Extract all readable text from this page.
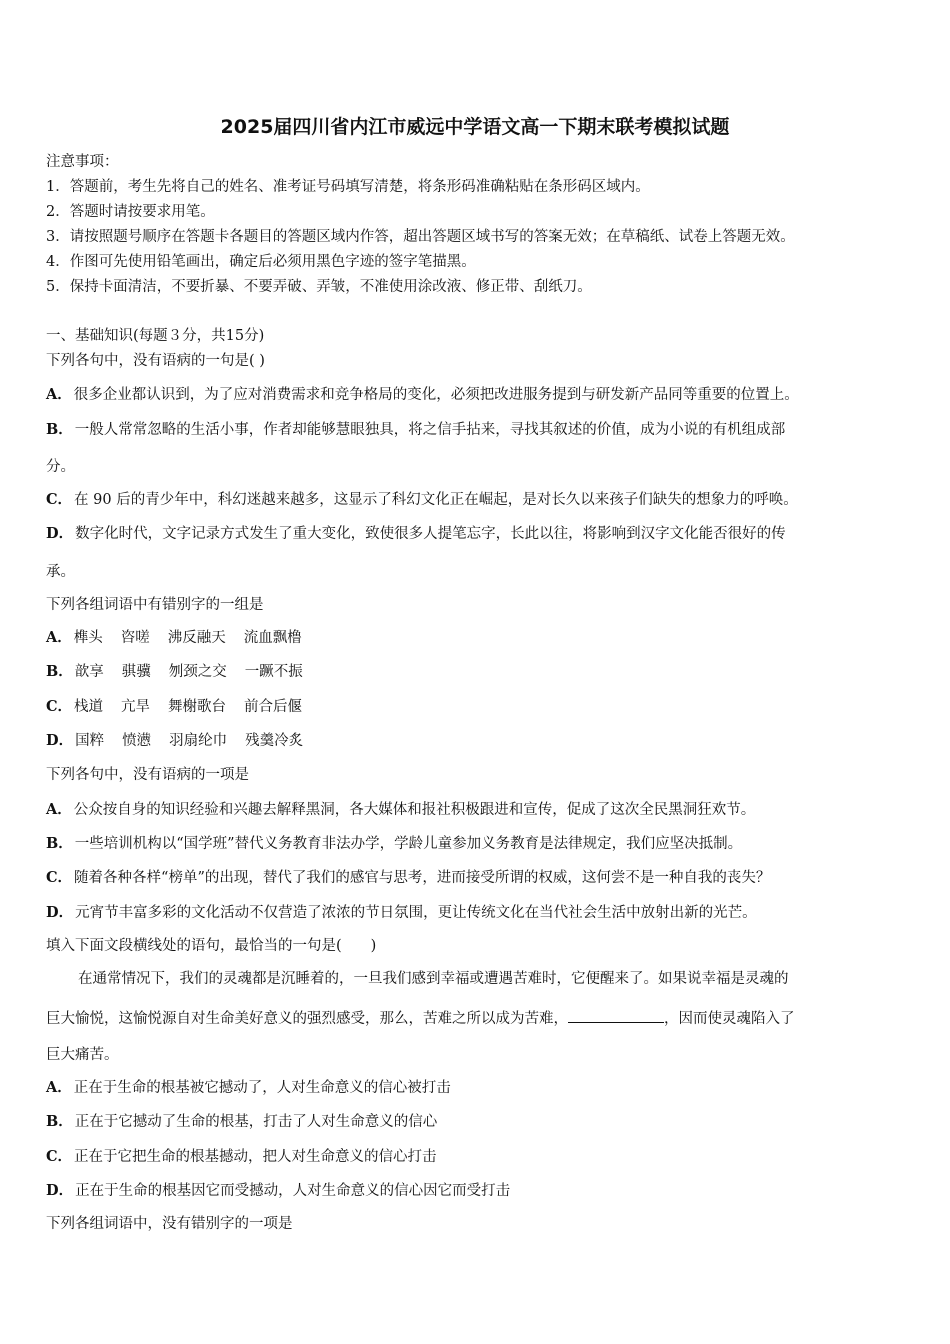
2025届四川省内江市威远中学语文高一下期末联考模拟试题
注意事项：
1．答题前，考生先将自己的姓名、准考证号码填写清楚，将条形码准确粘贴在条形码区域内。
2．答题时请按要求用笔。
3．请按照题号顺序在答题卡各题目的答题区域内作答，超出答题区域书写的答案无效；在草稿纸、试卷上答题无效。
4．作图可先使用铅笔画出，确定后必须用黑色字迹的签字笔描黑。
5．保持卡面清洁，不要折暴、不要弄破、弄皱，不准使用涂改液、修正带、刮纸刀。
一、基础知识(每题３分，共15分)
下列各句中，没有语病的一句是( )
A． 很多企业都认识到，为了应对消费需求和竞争格局的变化，必须把改进服务提到与研发新产品同等重要的位置上。
B． 一般人常常忽略的生活小事，作者却能够慧眼独具，将之信手拈来，寻找其叙述的价值，成为小说的有机组成部
分。
C． 在 90 后的青少年中，科幻迷越来越多，这显示了科幻文化正在崛起，是对长久以来孩子们缺失的想象力的呼唤。
D． 数字化时代，文字记录方式发生了重大变化，致使很多人提笔忘字，长此以往，将影响到汉字文化能否很好的传
承。
下列各组词语中有错别字的一组是
A． 榫头 咨嗟 沸反融天 流血飘橹
B． 歆享 骐骥 刎颈之交 一蹶不振
C． 栈道 亢旱 舞榭歌台 前合后偃
D． 国粹 愤懑 羽扇纶巾 残羹冷炙
下列各句中，没有语病的一项是
A． 公众按自身的知识经验和兴趣去解释黑洞，各大媒体和报社积极跟进和宣传，促成了这次全民黑洞狂欢节。
B． 一些培训机构以“国学班”替代义务教育非法办学，学龄儿童参加义务教育是法律规定，我们应坚决抵制。
C． 随着各种各样“榜单”的出现，替代了我们的感官与思考，进而接受所谓的权威，这何尝不是一种自我的丧失？
D． 元宵节丰富多彩的文化活动不仅营造了浓浓的节日氛围，更让传统文化在当代社会生活中放射出新的光芒。
填入下面文段横线处的语句，最恰当的一句是(　　)
在通常情况下，我们的灵魂都是沉睡着的，一旦我们感到幸福或遭遇苦难时，它便醒来了。如果说幸福是灵魂的
巨大愉悦，这愉悦源自对生命美好意义的强烈感受，那么，苦难之所以成为苦难，	，因而使灵魂陷入了
巨大痛苦。
A． 正在于生命的根基被它撼动了，人对生命意义的信心被打击
B． 正在于它撼动了生命的根基，打击了人对生命意义的信心
C． 正在于它把生命的根基撼动，把人对生命意义的信心打击
D． 正在于生命的根基因它而受撼动，人对生命意义的信心因它而受打击
下列各组词语中，没有错别字的一项是
